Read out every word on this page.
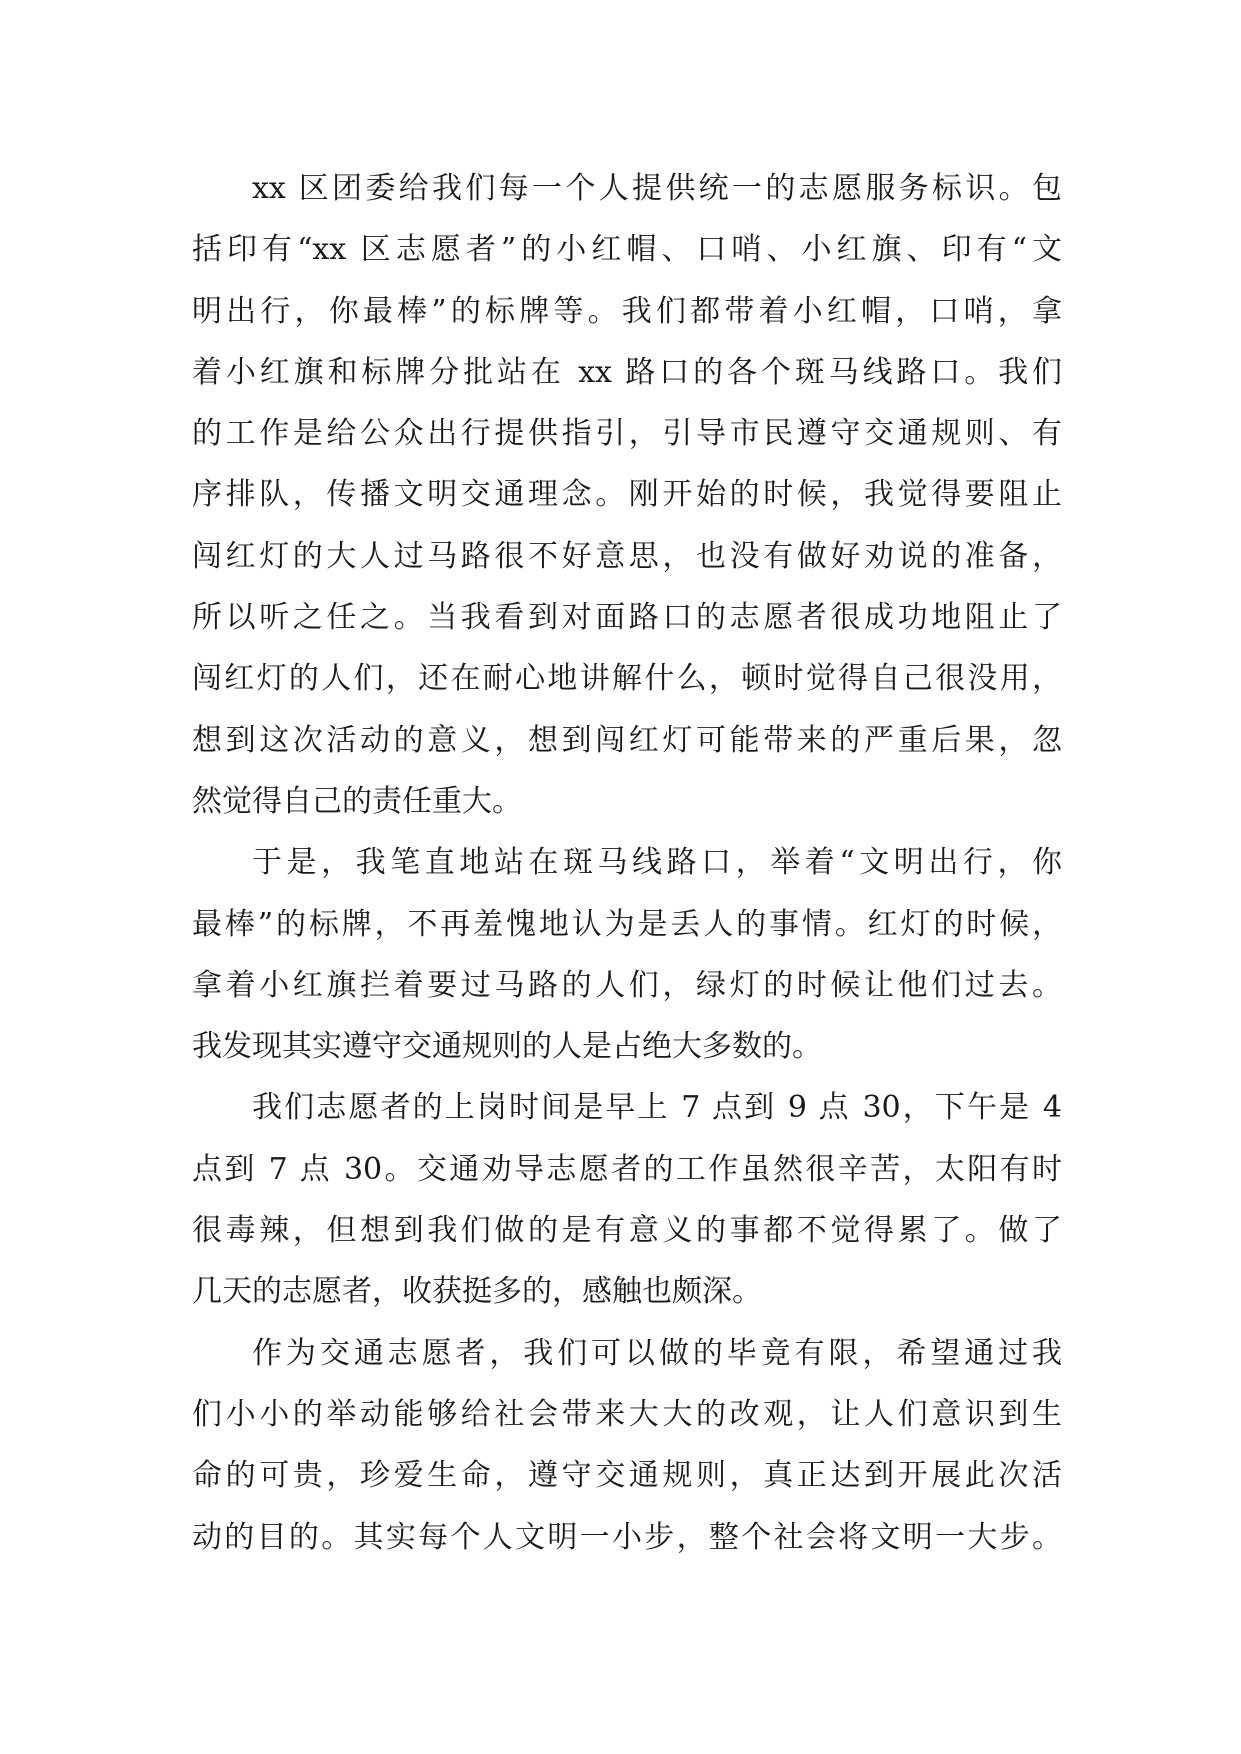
xx 区团委给我们每一个人提供统一的志愿服务标识。包
括印有“xx 区志愿者”的小红帽、口哨、小红旗、印有“文
明出行，你最棒”的标牌等。我们都带着小红帽，口哨，拿
着小红旗和标牌分批站在 xx 路口的各个斑马线路口。我们
的工作是给公众出行提供指引，引导市民遵守交通规则、有
序排队，传播文明交通理念。刚开始的时候，我觉得要阻止
闯红灯的大人过马路很不好意思，也没有做好劝说的准备，
所以听之任之。当我看到对面路口的志愿者很成功地阻止了
闯红灯的人们，还在耐心地讲解什么，顿时觉得自己很没用，
想到这次活动的意义，想到闯红灯可能带来的严重后果，忽
然觉得自己的责任重大。
于是，我笔直地站在斑马线路口，举着“文明出行，你
最棒”的标牌，不再羞愧地认为是丢人的事情。红灯的时候，
拿着小红旗拦着要过马路的人们，绿灯的时候让他们过去。
我发现其实遵守交通规则的人是占绝大多数的。
我们志愿者的上岗时间是早上 7 点到 9 点 30，下午是 4
点到 7 点 30。交通劝导志愿者的工作虽然很辛苦，太阳有时
很毒辣，但想到我们做的是有意义的事都不觉得累了。做了
几天的志愿者，收获挺多的，感触也颇深。
作为交通志愿者，我们可以做的毕竟有限，希望通过我
们小小的举动能够给社会带来大大的改观，让人们意识到生
命的可贵，珍爱生命，遵守交通规则，真正达到开展此次活
动的目的。其实每个人文明一小步，整个社会将文明一大步。
